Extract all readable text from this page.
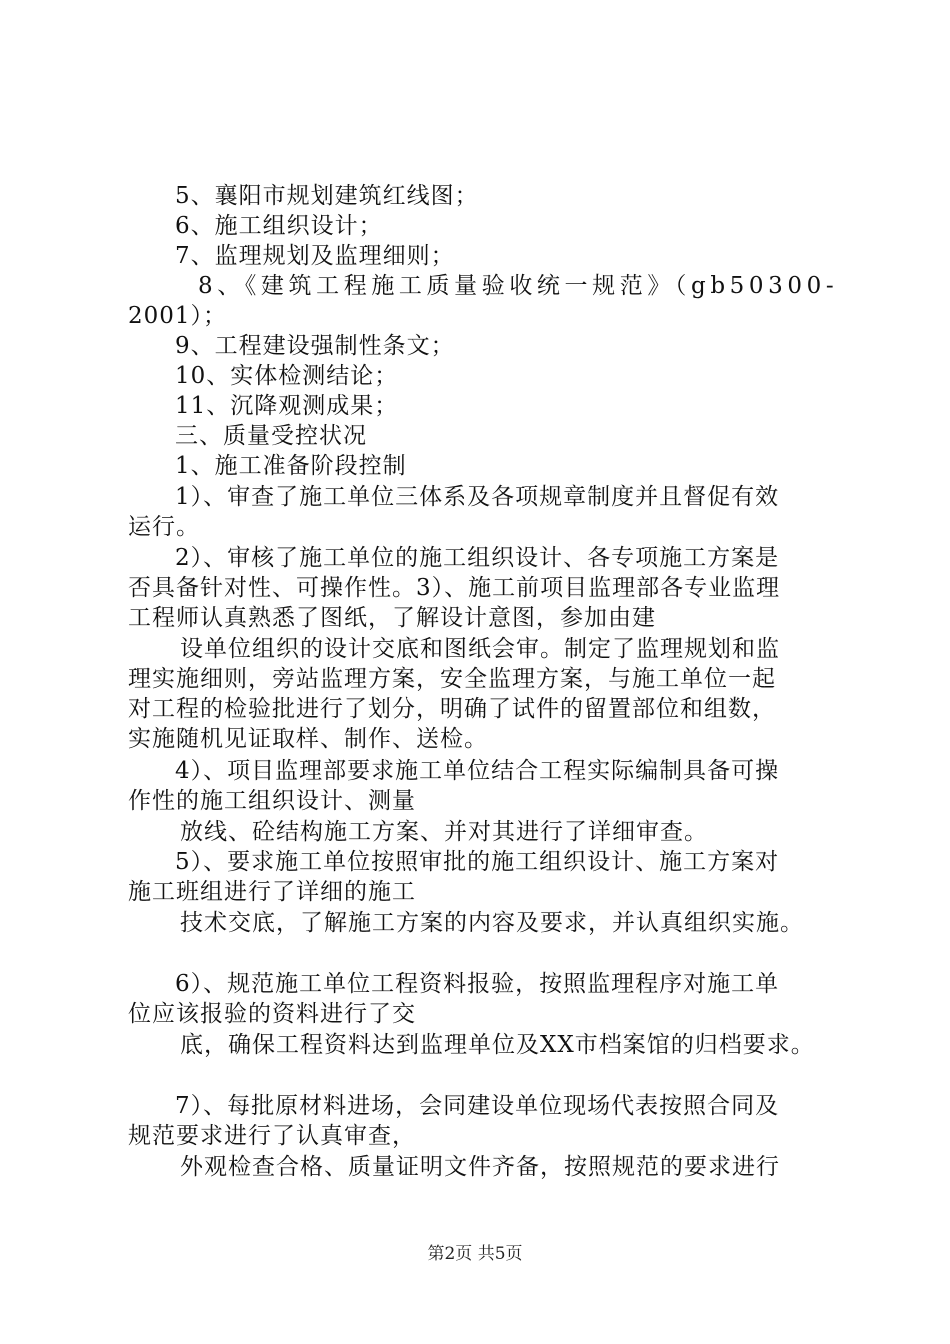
5、襄阳市规划建筑红线图；
6、施工组织设计；
7、监理规划及监理细则；
8、《建筑工程施工质量验收统一规范》（gb50300-
2001）；
9、工程建设强制性条文；
10、实体检测结论；
11、沉降观测成果；
三、质量受控状况
1、施工准备阶段控制
1）、审查了施工单位三体系及各项规章制度并且督促有效
运行。
2）、审核了施工单位的施工组织设计、各专项施工方案是
否具备针对性、可操作性。3）、施工前项目监理部各专业监理
工程师认真熟悉了图纸，了解设计意图，参加由建
设单位组织的设计交底和图纸会审。制定了监理规划和监
理实施细则，旁站监理方案，安全监理方案，与施工单位一起
对工程的检验批进行了划分，明确了试件的留置部位和组数，
实施随机见证取样、制作、送检。
4）、项目监理部要求施工单位结合工程实际编制具备可操
作性的施工组织设计、测量
放线、砼结构施工方案、并对其进行了详细审查。
5）、要求施工单位按照审批的施工组织设计、施工方案对
施工班组进行了详细的施工
技术交底，了解施工方案的内容及要求，并认真组织实施。
6）、规范施工单位工程资料报验，按照监理程序对施工单
位应该报验的资料进行了交
底，确保工程资料达到监理单位及XX市档案馆的归档要求。
7）、每批原材料进场，会同建设单位现场代表按照合同及
规范要求进行了认真审查，
外观检查合格、质量证明文件齐备，按照规范的要求进行
第2页 共5页
